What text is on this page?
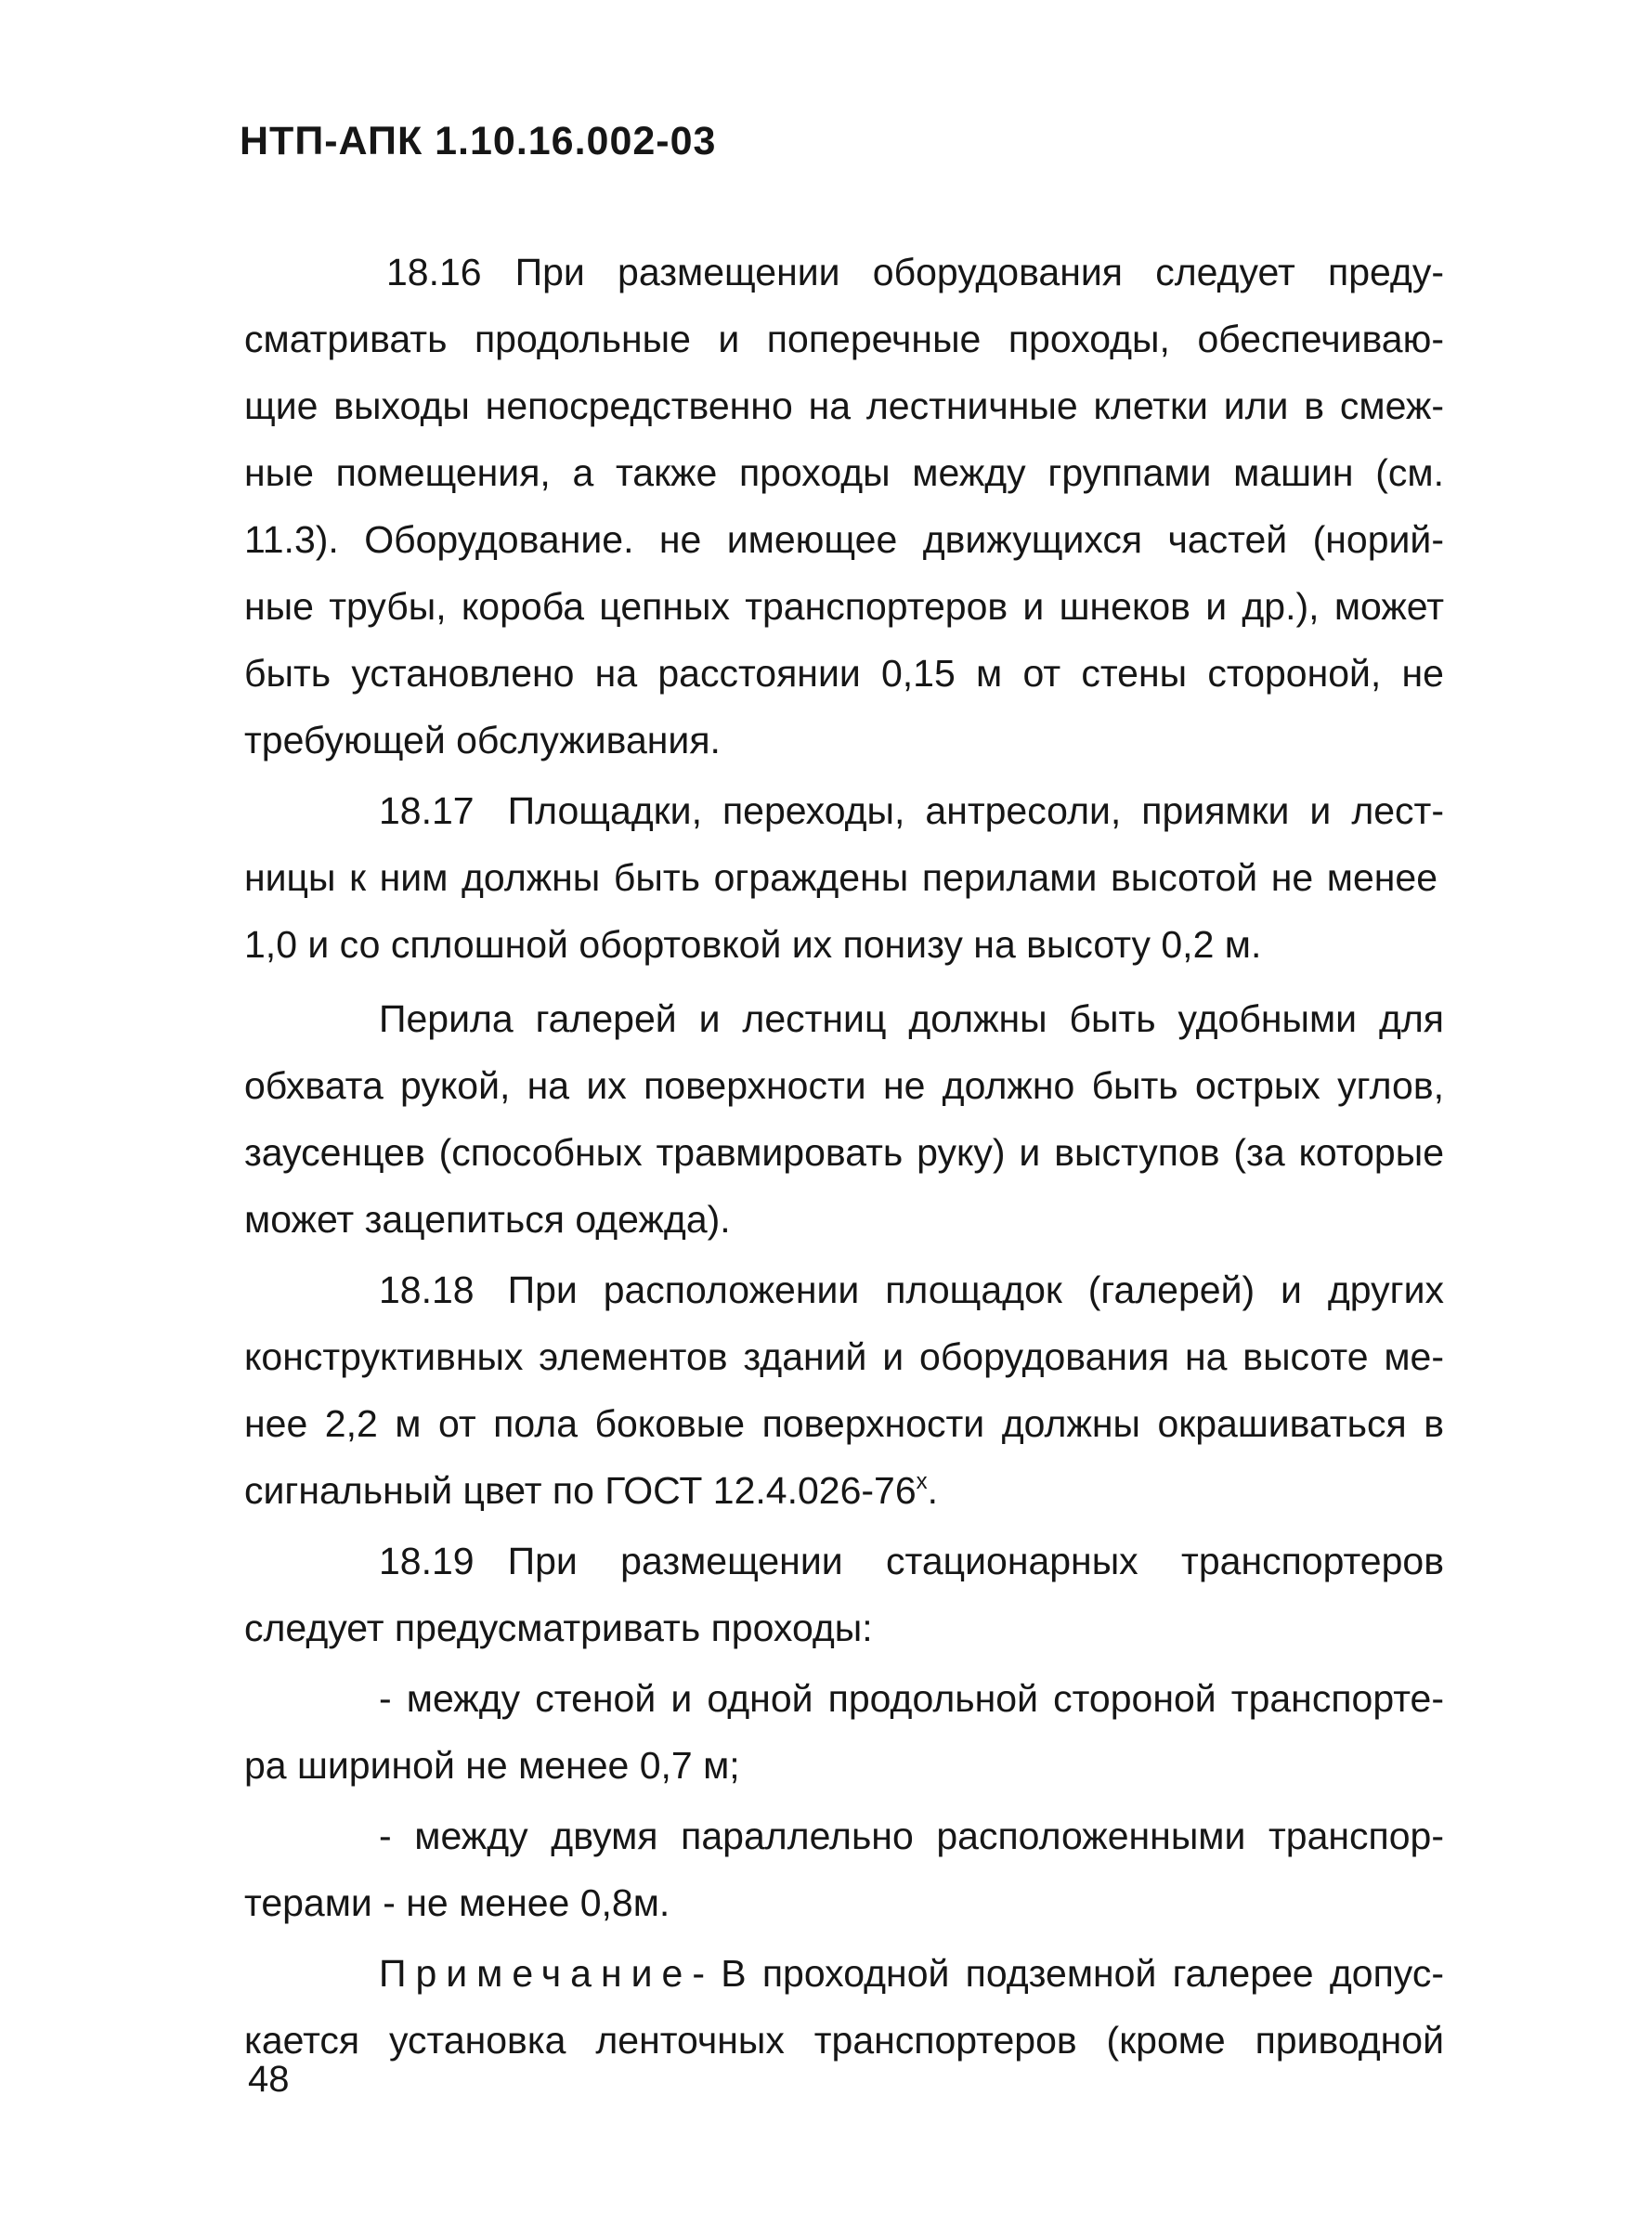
НТП-АПК 1.10.16.002-03
18.16 При размещении оборудования следует преду-
сматривать продольные и поперечные проходы, обеспечиваю-
щие выходы непосредственно на лестничные клетки или в смеж-
ные помещения, а также проходы между группами машин (см.
11.3). Оборудование. не имеющее движущихся частей (норий-
ные трубы, короба цепных транспортеров и шнеков и др.), может
быть установлено на расстоянии 0,15 м от стены стороной, не
требующей обслуживания.
18.17 Площадки, переходы, антресоли, приямки и лест-
ницы к ним должны быть ограждены перилами высотой не менее
1,0 и со сплошной обортовкой их понизу на высоту 0,2 м.
Перила галерей и лестниц должны быть удобными для
обхвата рукой, на их поверхности не должно быть острых углов,
заусенцев (способных травмировать руку) и выступов (за которые
может зацепиться одежда).
18.18 При расположении площадок (галерей) и других
конструктивных элементов зданий и оборудования на высоте ме-
нее 2,2 м от пола боковые поверхности должны окрашиваться в
сигнальный цвет по ГОСТ $12.4.026-76^х$.
18.19 При размещении стационарных транспортеров
следует предусматривать проходы:
- между стеной и одной продольной стороной транспорте-
ра шириной не менее 0,7 м;
- между двумя параллельно расположенными транспор-
терами - не менее 0,8м.
Примечание- В проходной подземной галерее допус-
кается установка ленточных транспортеров (кроме приводной
48
